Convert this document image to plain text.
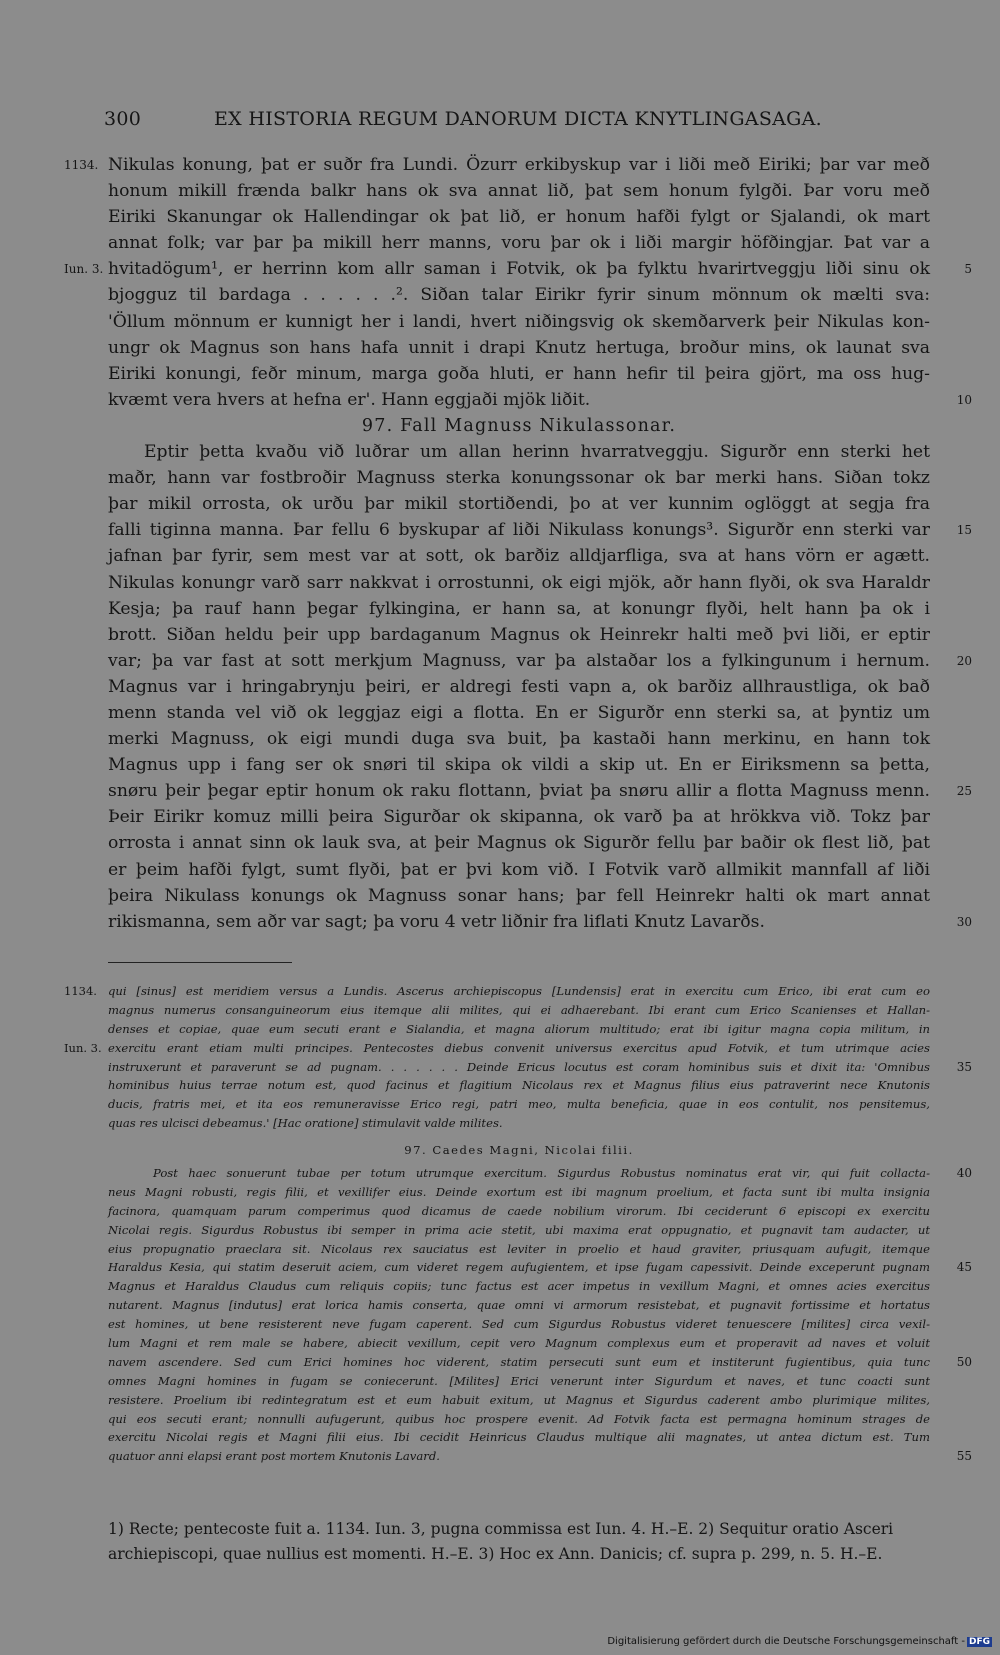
300	EX HISTORIA REGUM DANORUM DICTA KNYTLINGASAGA.
1134. Nikulas konung, þat er suðr fra Lundi. Özurr erkibyskup var i liði með Eiriki; þar var með
honum mikill frænda balkr hans ok sva annat lið, þat sem honum fylgði. Þar voru með
Eiriki Skanungar ok Hallendingar ok þat lið, er honum hafði fylgt or Sjalandi, ok mart
annat folk; var þar þa mikill herr manns, voru þar ok i liði margir höfðingjar. Þat var a
Iun. 3. hvitadögum¹, er herrinn kom allr saman i Fotvik, ok þa fylktu hvarirtveggju liði sinu ok	5
bjogguz til bardaga . . . . . .². Siðan talar Eirikr fyrir sinum mönnum ok mælti sva:
'Öllum mönnum er kunnigt her i landi, hvert niðingsvig ok skemðarverk þeir Nikulas kon-
ungr ok Magnus son hans hafa unnit i drapi Knutz hertuga, broður mins, ok launat sva
Eiriki konungi, feðr minum, marga goða hluti, er hann hefir til þeira gjört, ma oss hug-
kvæmt vera hvers at hefna er'. Hann eggjaði mjök liðit.	10
97. Fall Magnuss Nikulassonar.
Eptir þetta kvaðu við luðrar um allan herinn hvarratveggju. Sigurðr enn sterki het
maðr, hann var fostbroðir Magnuss sterka konungssonar ok bar merki hans. Siðan tokz
þar mikil orrosta, ok urðu þar mikil stortiðendi, þo at ver kunnim oglöggt at segja fra
falli tiginna manna. Þar fellu 6 byskupar af liði Nikulass konungs³. Sigurðr enn sterki var 15
jafnan þar fyrir, sem mest var at sott, ok barðiz alldjarfliga, sva at hans vörn er agætt.
Nikulas konungr varð sarr nakkvat i orrostunni, ok eigi mjök, aðr hann flyði, ok sva Haraldr
Kesja; þa rauf hann þegar fylkingina, er hann sa, at konungr flyði, helt hann þa ok i
brott. Siðan heldu þeir upp bardaganum Magnus ok Heinrekr halti með þvi liði, er eptir
var; þa var fast at sott merkjum Magnuss, var þa alstaðar los a fylkingunum i hernum. 20
Magnus var i hringabrynju þeiri, er aldregi festi vapn a, ok barðiz allhraustliga, ok bað
menn standa vel við ok leggjaz eigi a flotta. En er Sigurðr enn sterki sa, at þyntiz um
merki Magnuss, ok eigi mundi duga sva buit, þa kastaði hann merkinu, en hann tok
Magnus upp i fang ser ok snøri til skipa ok vildi a skip ut. En er Eiriksmenn sa þetta,
snøru þeir þegar eptir honum ok raku flottann, þviat þa snøru allir a flotta Magnuss menn. 25
Þeir Eirikr komuz milli þeira Sigurðar ok skipanna, ok varð þa at hrökkva við. Tokz þar
orrosta i annat sinn ok lauk sva, at þeir Magnus ok Sigurðr fellu þar baðir ok flest lið, þat
er þeim hafði fylgt, sumt flyði, þat er þvi kom við. I Fotvik varð allmikit mannfall af liði
þeira Nikulass konungs ok Magnuss sonar hans; þar fell Heinrekr halti ok mart annat
rikismanna, sem aðr var sagt; þa voru 4 vetr liðnir fra liflati Knutz Lavarðs.	30
1134. qui [sinus] est meridiem versus a Lundis. Ascerus archiepiscopus [Lundensis] erat in exercitu cum Erico, ibi erat cum eo
magnus numerus consanguineorum eius itemque alii milites, qui ei adhaerebant. Ibi erant cum Erico Scanienses et Hallan-
denses et copiae, quae eum secuti erant e Sialandia, et magna aliorum multitudo; erat ibi igitur magna copia militum, in
Iun. 3. exercitu erant etiam multi principes. Pentecostes diebus convenit universus exercitus apud Fotvik, et tum utrimque acies
instruxerunt et paraverunt se ad pugnam. . . . . . . Deinde Ericus locutus est coram hominibus suis et dixit ita: 'Omnibus 35
hominibus huius terrae notum est, quod facinus et flagitium Nicolaus rex et Magnus filius eius patraverint nece Knutonis
ducis, fratris mei, et ita eos remuneravisse Erico regi, patri meo, multa beneficia, quae in eos contulit, nos pensitemus,
quas res ulcisci debeamus.' [Hac oratione] stimulavit valde milites.
97. Caedes Magni, Nicolai filii.
Post haec sonuerunt tubae per totum utrumque exercitum. Sigurdus Robustus nominatus erat vir, qui fuit collacta- 40
neus Magni robusti, regis filii, et vexillifer eius. Deinde exortum est ibi magnum proelium, et facta sunt ibi multa insignia
facinora, quamquam parum comperimus quod dicamus de caede nobilium virorum. Ibi ceciderunt 6 episcopi ex exercitu
Nicolai regis. Sigurdus Robustus ibi semper in prima acie stetit, ubi maxima erat oppugnatio, et pugnavit tam audacter, ut
eius propugnatio praeclara sit. Nicolaus rex sauciatus est leviter in proelio et haud graviter, priusquam aufugit, itemque
Haraldus Kesia, qui statim deseruit aciem, cum videret regem aufugientem, et ipse fugam capessivit. Deinde exceperunt pugnam 45
Magnus et Haraldus Claudus cum reliquis copiis; tunc factus est acer impetus in vexillum Magni, et omnes acies exercitus
nutarent. Magnus [indutus] erat lorica hamis conserta, quae omni vi armorum resistebat, et pugnavit fortissime et hortatus
est homines, ut bene resisterent neve fugam caperent. Sed cum Sigurdus Robustus videret tenuescere [milites] circa vexil-
lum Magni et rem male se habere, abiecit vexillum, cepit vero Magnum complexus eum et properavit ad naves et voluit
navem ascendere. Sed cum Erici homines hoc viderent, statim persecuti sunt eum et institerunt fugientibus, quia tunc 50
omnes Magni homines in fugam se coniecerunt. [Milites] Erici venerunt inter Sigurdum et naves, et tunc coacti sunt
resistere. Proelium ibi redintegratum est et eum habuit exitum, ut Magnus et Sigurdus caderent ambo plurimique milites,
qui eos secuti erant; nonnulli aufugerunt, quibus hoc prospere evenit. Ad Fotvik facta est permagna hominum strages de
exercitu Nicolai regis et Magni filii eius. Ibi cecidit Heinricus Claudus multique alii magnates, ut antea dictum est. Tum
quatuor anni elapsi erant post mortem Knutonis Lavard.	55
1) Recte; pentecoste fuit a. 1134. Iun. 3, pugna commissa est Iun. 4. H.–E. 2) Sequitur oratio Asceri
archiepiscopi, quae nullius est momenti. H.–E. 3) Hoc ex Ann. Danicis; cf. supra p. 299, n. 5. H.–E.
Digitalisierung gefördert durch die Deutsche Forschungsgemeinschaft - DFG
